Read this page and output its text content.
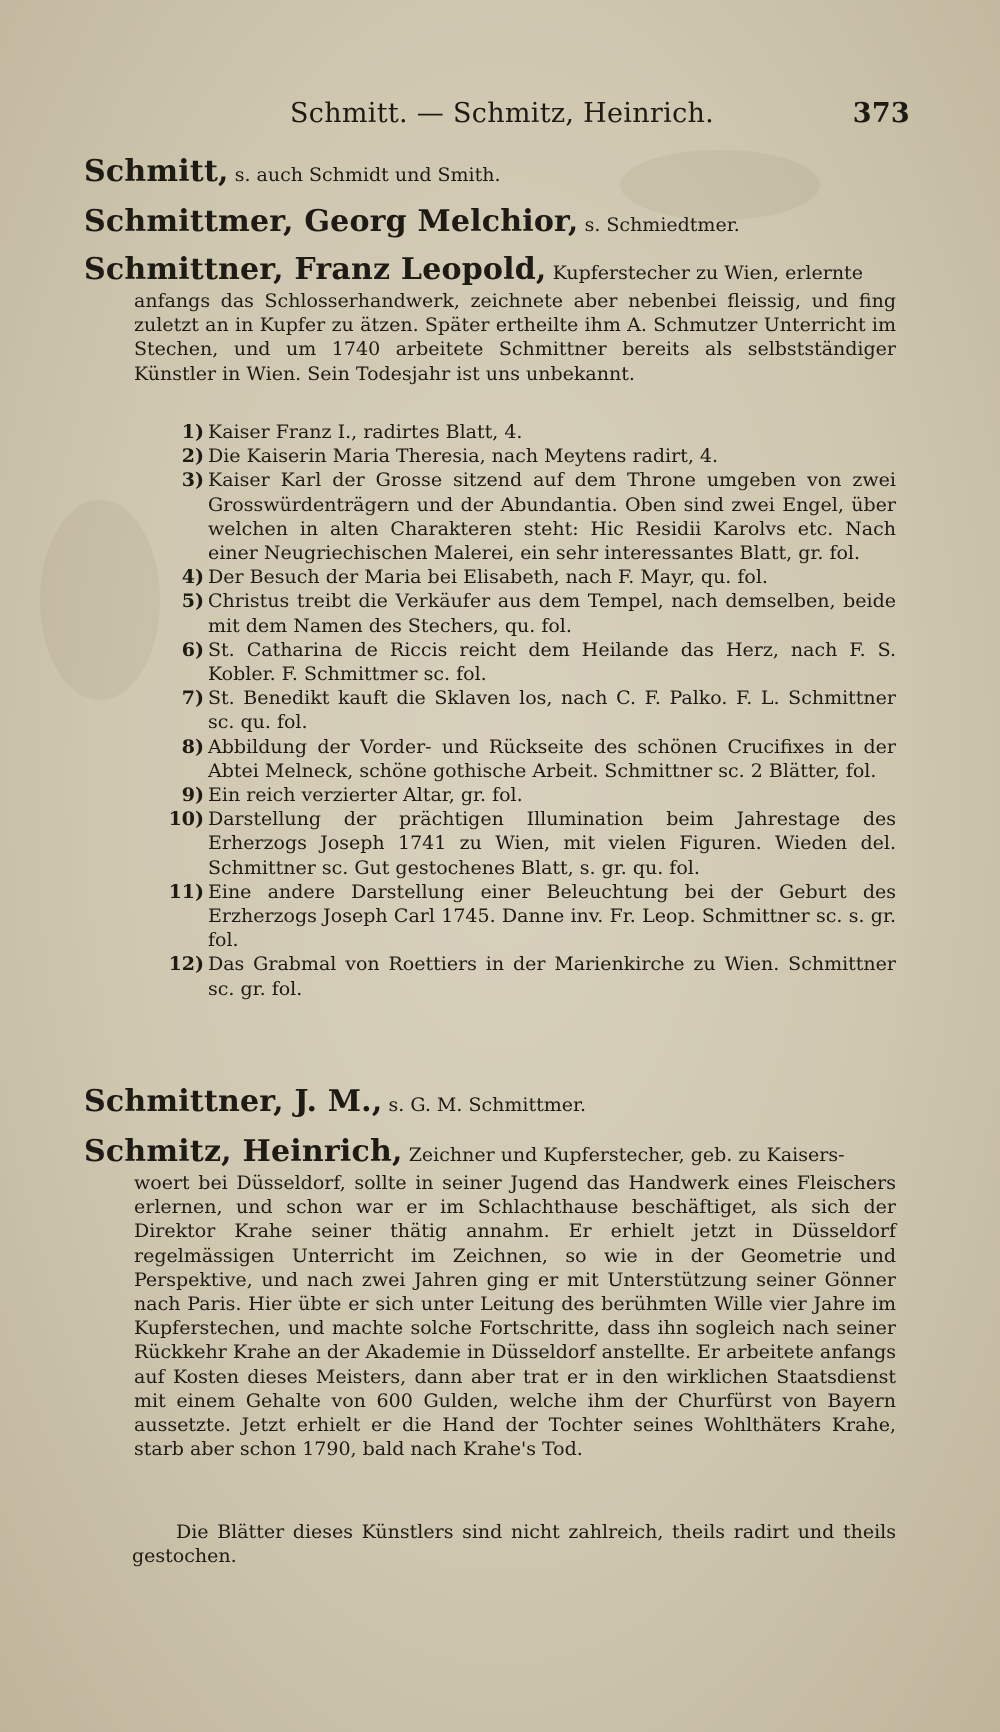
Schmitt. — Schmitz, Heinrich.	373
Schmitt, s. auch Schmidt und Smith.
Schmittmer, Georg Melchior, s. Schmiedtmer.
Schmittner, Franz Leopold, Kupferstecher zu Wien, erlernte
anfangs das Schlosserhandwerk, zeichnete aber nebenbei fleissig, und fing zuletzt an in Kupfer zu ätzen. Später ertheilte ihm A. Schmutzer Unterricht im Stechen, und um 1740 arbeitete Schmittner bereits als selbstständiger Künstler in Wien. Sein Todesjahr ist uns unbekannt.
1) Kaiser Franz I., radirtes Blatt, 4.
2) Die Kaiserin Maria Theresia, nach Meytens radirt, 4.
3) Kaiser Karl der Grosse sitzend auf dem Throne umgeben von zwei Grosswürdenträgern und der Abundantia. Oben sind zwei Engel, über welchen in alten Charakteren steht: Hic Residii Karolvs etc. Nach einer Neugriechischen Malerei, ein sehr interessantes Blatt, gr. fol.
4) Der Besuch der Maria bei Elisabeth, nach F. Mayr, qu. fol.
5) Christus treibt die Verkäufer aus dem Tempel, nach demselben, beide mit dem Namen des Stechers, qu. fol.
6) St. Catharina de Riccis reicht dem Heilande das Herz, nach F. S. Kobler. F. Schmittmer sc. fol.
7) St. Benedikt kauft die Sklaven los, nach C. F. Palko. F. L. Schmittner sc. qu. fol.
8) Abbildung der Vorder- und Rückseite des schönen Crucifixes in der Abtei Melneck, schöne gothische Arbeit. Schmittner sc. 2 Blätter, fol.
9) Ein reich verzierter Altar, gr. fol.
10) Darstellung der prächtigen Illumination beim Jahrestage des Erherzogs Joseph 1741 zu Wien, mit vielen Figuren. Wieden del. Schmittner sc. Gut gestochenes Blatt, s. gr. qu. fol.
11) Eine andere Darstellung einer Beleuchtung bei der Geburt des Erzherzogs Joseph Carl 1745. Danne inv. Fr. Leop. Schmittner sc. s. gr. fol.
12) Das Grabmal von Roettiers in der Marienkirche zu Wien. Schmittner sc. gr. fol.
Schmittner, J. M., s. G. M. Schmittmer.
Schmitz, Heinrich, Zeichner und Kupferstecher, geb. zu Kaisers-
woert bei Düsseldorf, sollte in seiner Jugend das Handwerk eines Fleischers erlernen, und schon war er im Schlachthause beschäftiget, als sich der Direktor Krahe seiner thätig annahm. Er erhielt jetzt in Düsseldorf regelmässigen Unterricht im Zeichnen, so wie in der Geometrie und Perspektive, und nach zwei Jahren ging er mit Unterstützung seiner Gönner nach Paris. Hier übte er sich unter Leitung des berühmten Wille vier Jahre im Kupferstechen, und machte solche Fortschritte, dass ihn sogleich nach seiner Rückkehr Krahe an der Akademie in Düsseldorf anstellte. Er arbeitete anfangs auf Kosten dieses Meisters, dann aber trat er in den wirklichen Staatsdienst mit einem Gehalte von 600 Gulden, welche ihm der Churfürst von Bayern aussetzte. Jetzt erhielt er die Hand der Tochter seines Wohlthäters Krahe, starb aber schon 1790, bald nach Krahe's Tod.
Die Blätter dieses Künstlers sind nicht zahlreich, theils radirt und theils gestochen.
